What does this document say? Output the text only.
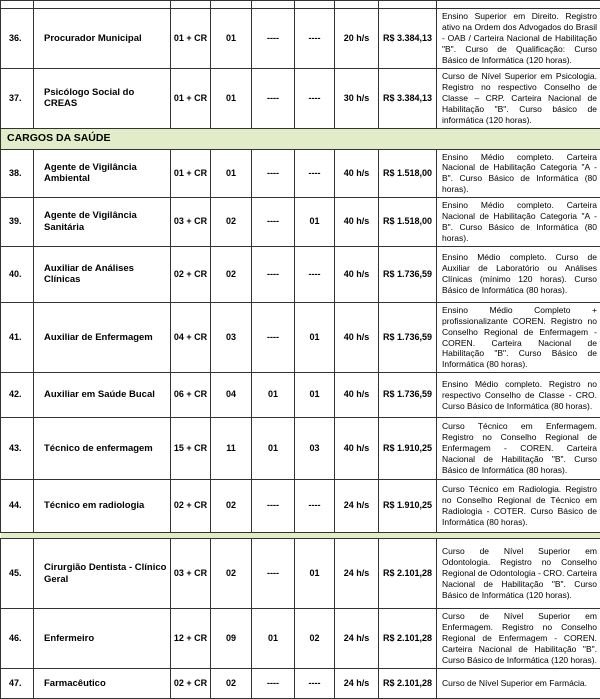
36.	Procurador Municipal	01 + CR	01	----	----	20 h/s	R$ 3.384,13	Ensino Superior em Direito. Registro ativo na Ordem dos Advogados do Brasil - OAB / Carteira Nacional de Habilitação "B". Curso de Qualificação: Curso Básico de Informática (120 horas).
37.	Psicólogo Social do CREAS	01 + CR	01	----	----	30 h/s	R$ 3.384,13	Curso de Nível Superior em Psicologia. Registro no respectivo Conselho de Classe – CRP. Carteira Nacional de Habilitação "B". Curso básico de informática (120 horas).
CARGOS DA SAÚDE								
38.	Agente de Vigilância Ambiental	01 + CR	01	----	----	40 h/s	R$ 1.518,00	Ensino Médio completo. Carteira Nacional de Habilitação Categoria "A - B". Curso Básico de Informática (80 horas).
39.	Agente de Vigilância Sanitária	03 + CR	02	----	01	40 h/s	R$ 1.518,00	Ensino Médio completo. Carteira Nacional de Habilitação Categoria "A - B". Curso Básico de Informática (80 horas).
40.	Auxiliar de Análises Clínicas	02 + CR	02	----	----	40 h/s	R$ 1.736,59	Ensino Médio completo. Curso de Auxiliar de Laboratório ou Análises Clínicas (mínimo 120 horas). Curso Básico de Informática (80 horas).
41.	Auxiliar de Enfermagem	04 + CR	03	----	01	40 h/s	R$ 1.736,59	Ensino Médio Completo + profissionalizante COREN. Registro no Conselho Regional de Enfermagem - COREN. Carteira Nacional de Habilitação "B". Curso Básico de Informática (80 horas).
42.	Auxiliar em Saúde Bucal	06 + CR	04	01	01	40 h/s	R$ 1.736,59	Ensino Médio completo. Registro no respectivo Conselho de Classe - CRO. Curso Básico de Informática (80 horas).
43.	Técnico de enfermagem	15 + CR	11	01	03	40 h/s	R$ 1.910,25	Curso Técnico em Enfermagem. Registro no Conselho Regional de Enfermagem - COREN. Carteira Nacional de Habilitação "B". Curso Básico de Informática (80 horas).
44.	Técnico em radiologia	02 + CR	02	----	----	24 h/s	R$ 1.910,25	Curso Técnico em Radiologia. Registro no Conselho Regional de Técnico em Radiologia - COTER. Curso Básico de Informática (80 horas).

45.	Cirurgião Dentista - Clínico Geral	03 + CR	02	----	01	24 h/s	R$ 2.101,28	Curso de Nível Superior em Odontologia. Registro no Conselho Regional de Odontologia - CRO. Carteira Nacional de Habilitação "B". Curso Básico de Informática (120 horas).
46.	Enfermeiro	12 + CR	09	01	02	24 h/s	R$ 2.101,28	Curso de Nível Superior em Enfermagem. Registro no Conselho Regional de Enfermagem - COREN. Carteira Nacional de Habilitação "B". Curso Básico de Informática (120 horas).
47.	Farmacêutico	02 + CR	02	----	----	24 h/s	R$ 2.101,28	Curso de Nível Superior em Farmácia.
